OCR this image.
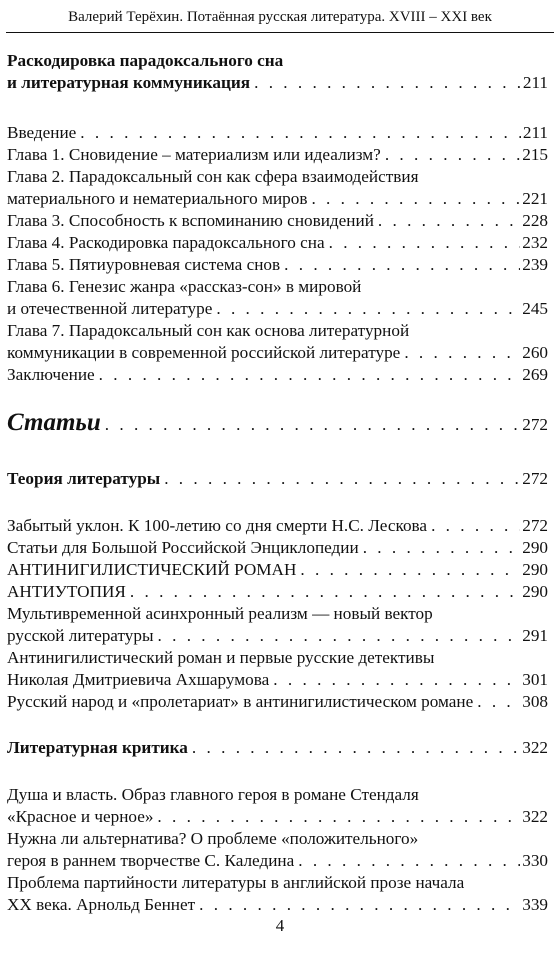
Валерий Терёхин. Потаённая русская литература. XVIII – XXI век
Раскодировка парадоксального сна
и литературная коммуникация . . .	211
Введение . . .	211
Глава 1. Сновидение – материализм или идеализм? . . .	215
Глава 2. Парадоксальный сон как сфера взаимодействия
материального и нематериального миров . . .	221
Глава 3. Способность к вспоминанию сновидений . . .	228
Глава 4. Раскодировка парадоксального сна . . .	232
Глава 5. Пятиуровневая система снов . . .	239
Глава 6. Генезис жанра «рассказ-сон» в мировой
и отечественной литературе . . .	245
Глава 7. Парадоксальный сон как основа литературной
коммуникации в современной российской литературе . . .	260
Заключение . . .	269
Статьи . . .	272
Теория литературы . . .	272
Забытый уклон. К 100-летию со дня смерти Н.С. Лескова . . .	272
Статьи для Большой Российской Энциклопедии . . .	290
АНТИНИГИЛИСТИЧЕСКИЙ РОМАН . . .	290
АНТИУТОПИЯ . . .	290
Мультивременной асинхронный реализм — новый вектор
русской литературы . . .	291
Антинигилистический роман и первые русские детективы
Николая Дмитриевича Ахшарумова . . .	301
Русский народ и «пролетариат» в антинигилистическом романе . . .	308
Литературная критика . . .	322
Душа и власть. Образ главного героя в романе Стендаля
«Красное и черное» . . .	322
Нужна ли альтернатива? О проблеме «положительного»
героя в раннем творчестве С. Каледина . . .	330
Проблема партийности литературы в английской прозе начала
XX века. Арнольд Беннет . . .	339
4
